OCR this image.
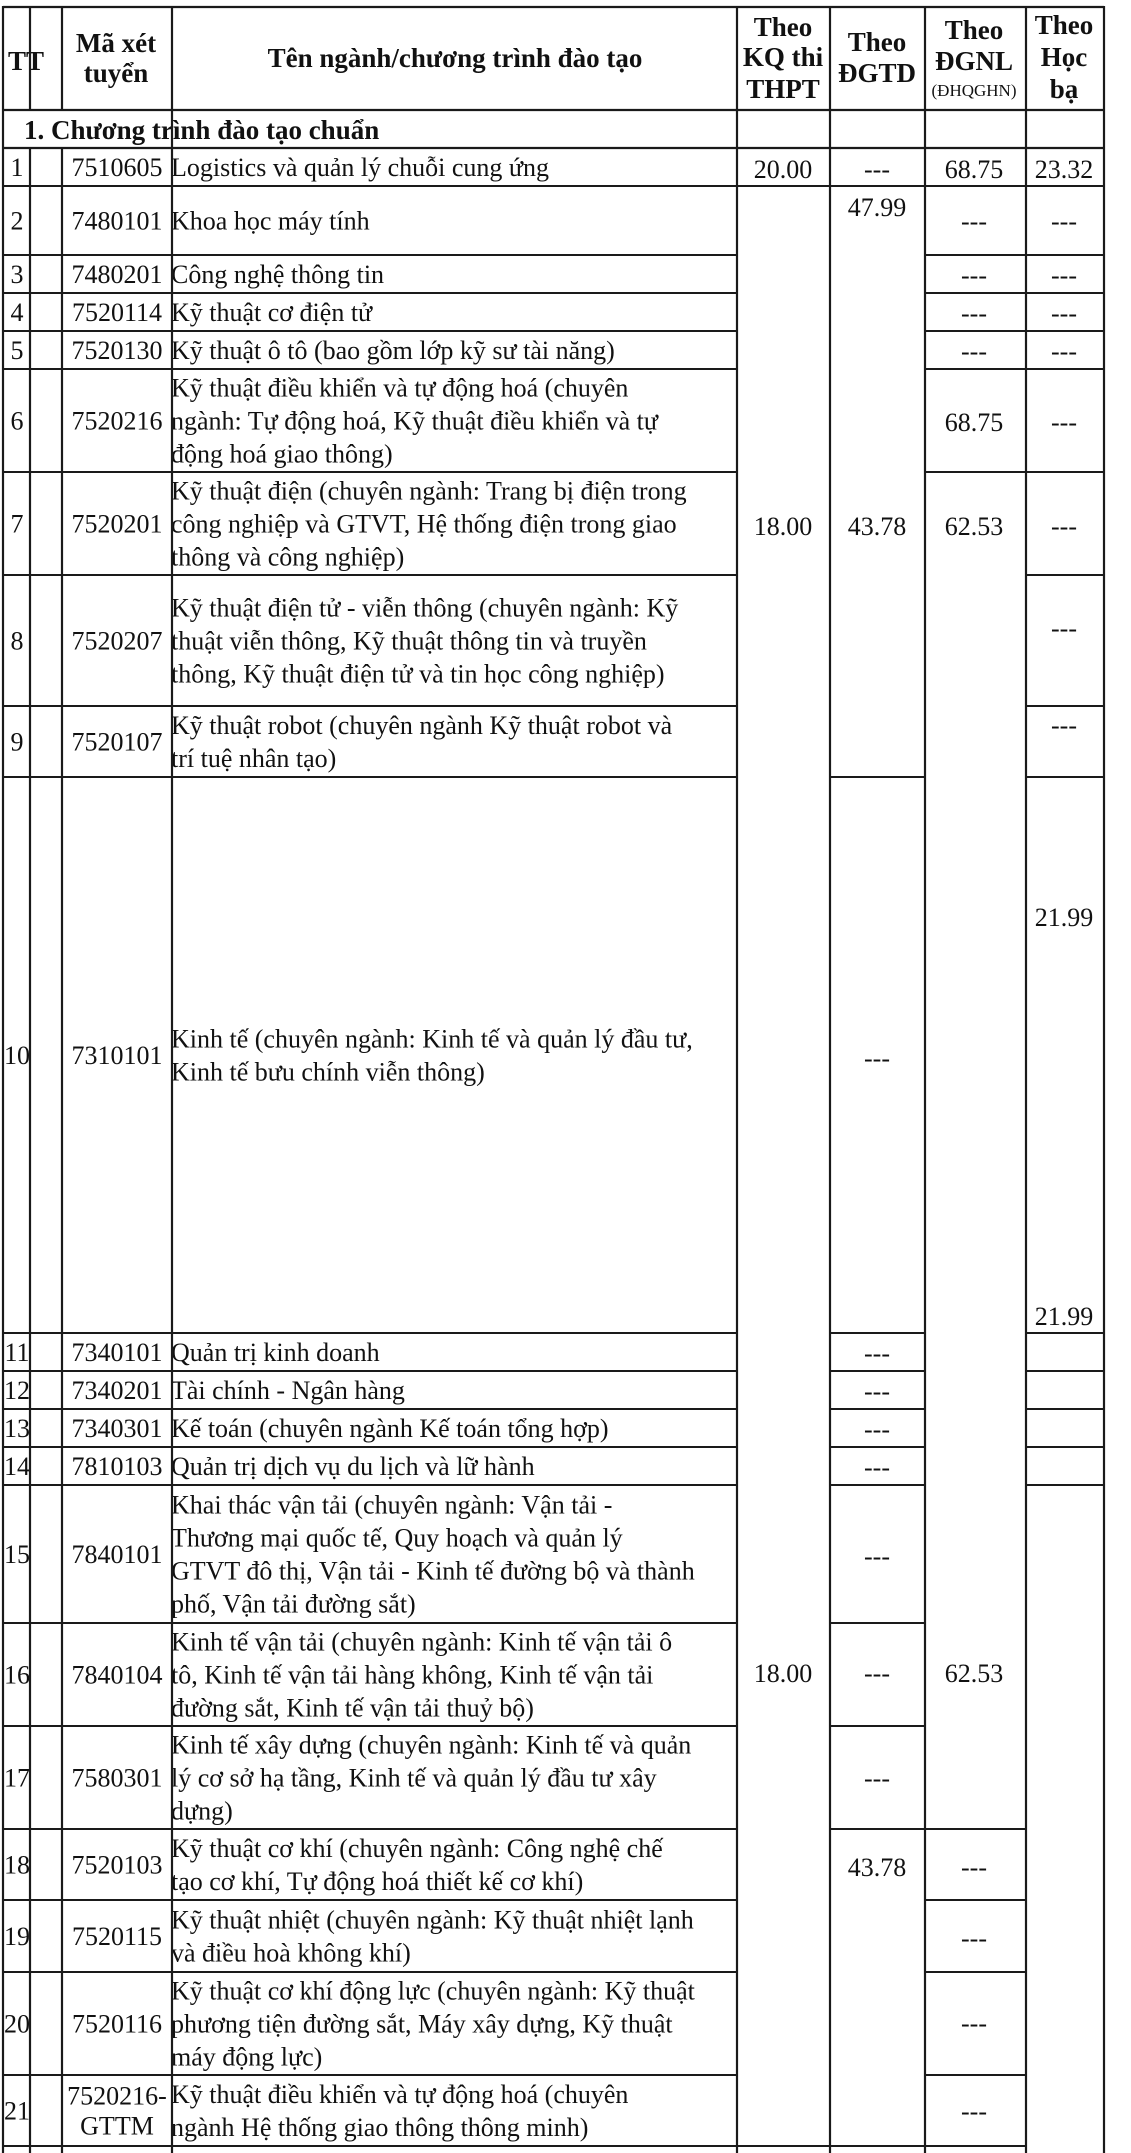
TT
Mã xét
tuyển	Tên ngành/chương trình đào tạo
Theo
KQ thi
THPT
Theo
ĐGTD
Theo
ĐGNL
(ĐHQGHN)
Theo
Học
bạ
1. Chương trình đào tạo chuẩn
1 7510605 Logistics và quản lý chuỗi cung ứng
2 7480101 Khoa học máy tính
3 7480201 Công nghệ thông tin
4 7520114 Kỹ thuật cơ điện tử
5 7520130 Kỹ thuật ô tô (bao gồm lớp kỹ sư tài năng)
6 7520216
Kỹ thuật điều khiển và tự động hoá (chuyên
ngành: Tự động hoá, Kỹ thuật điều khiển và tự
động hoá giao thông)
7 7520201
Kỹ thuật điện (chuyên ngành: Trang bị điện trong
công nghiệp và GTVT, Hệ thống điện trong giao
thông và công nghiệp)
8 7520207
Kỹ thuật điện tử - viễn thông (chuyên ngành: Kỹ
thuật viễn thông, Kỹ thuật thông tin và truyền
thông, Kỹ thuật điện tử và tin học công nghiệp)
9 7520107
Kỹ thuật robot (chuyên ngành Kỹ thuật robot và
trí tuệ nhân tạo)
10 7310101
Kinh tế (chuyên ngành: Kinh tế và quản lý đầu tư,
Kinh tế bưu chính viễn thông)
11 7340101 Quản trị kinh doanh
12 7340201 Tài chính - Ngân hàng
13 7340301 Kế toán (chuyên ngành Kế toán tổng hợp)
14 7810103 Quản trị dịch vụ du lịch và lữ hành
15 7840101
Khai thác vận tải (chuyên ngành: Vận tải -
Thương mại quốc tế, Quy hoạch và quản lý
GTVT đô thị, Vận tải - Kinh tế đường bộ và thành
phố, Vận tải đường sắt)
16 7840104
Kinh tế vận tải (chuyên ngành: Kinh tế vận tải ô
tô, Kinh tế vận tải hàng không, Kinh tế vận tải
đường sắt, Kinh tế vận tải thuỷ bộ)
17 7580301
Kinh tế xây dựng (chuyên ngành: Kinh tế và quản
lý cơ sở hạ tầng, Kinh tế và quản lý đầu tư xây
dựng)
18 7520103
Kỹ thuật cơ khí (chuyên ngành: Công nghệ chế
tạo cơ khí, Tự động hoá thiết kế cơ khí)
19 7520115
Kỹ thuật nhiệt (chuyên ngành: Kỹ thuật nhiệt lạnh
và điều hoà không khí)
20 7520116
Kỹ thuật cơ khí động lực (chuyên ngành: Kỹ thuật
phương tiện đường sắt, Máy xây dựng, Kỹ thuật
máy động lực)
21
7520216-
GTTM
Kỹ thuật điều khiển và tự động hoá (chuyên
ngành Hệ thống giao thông thông minh)
20.00
18.00
18.00
---
47.99
43.78
---
---
---
---
---
---
---
---
43.78
68.75
---
---
---
---
68.75
62.53
62.53
---
---
---
---
23.32
---
---
---
---
---
---
---
---
21.99
21.99
